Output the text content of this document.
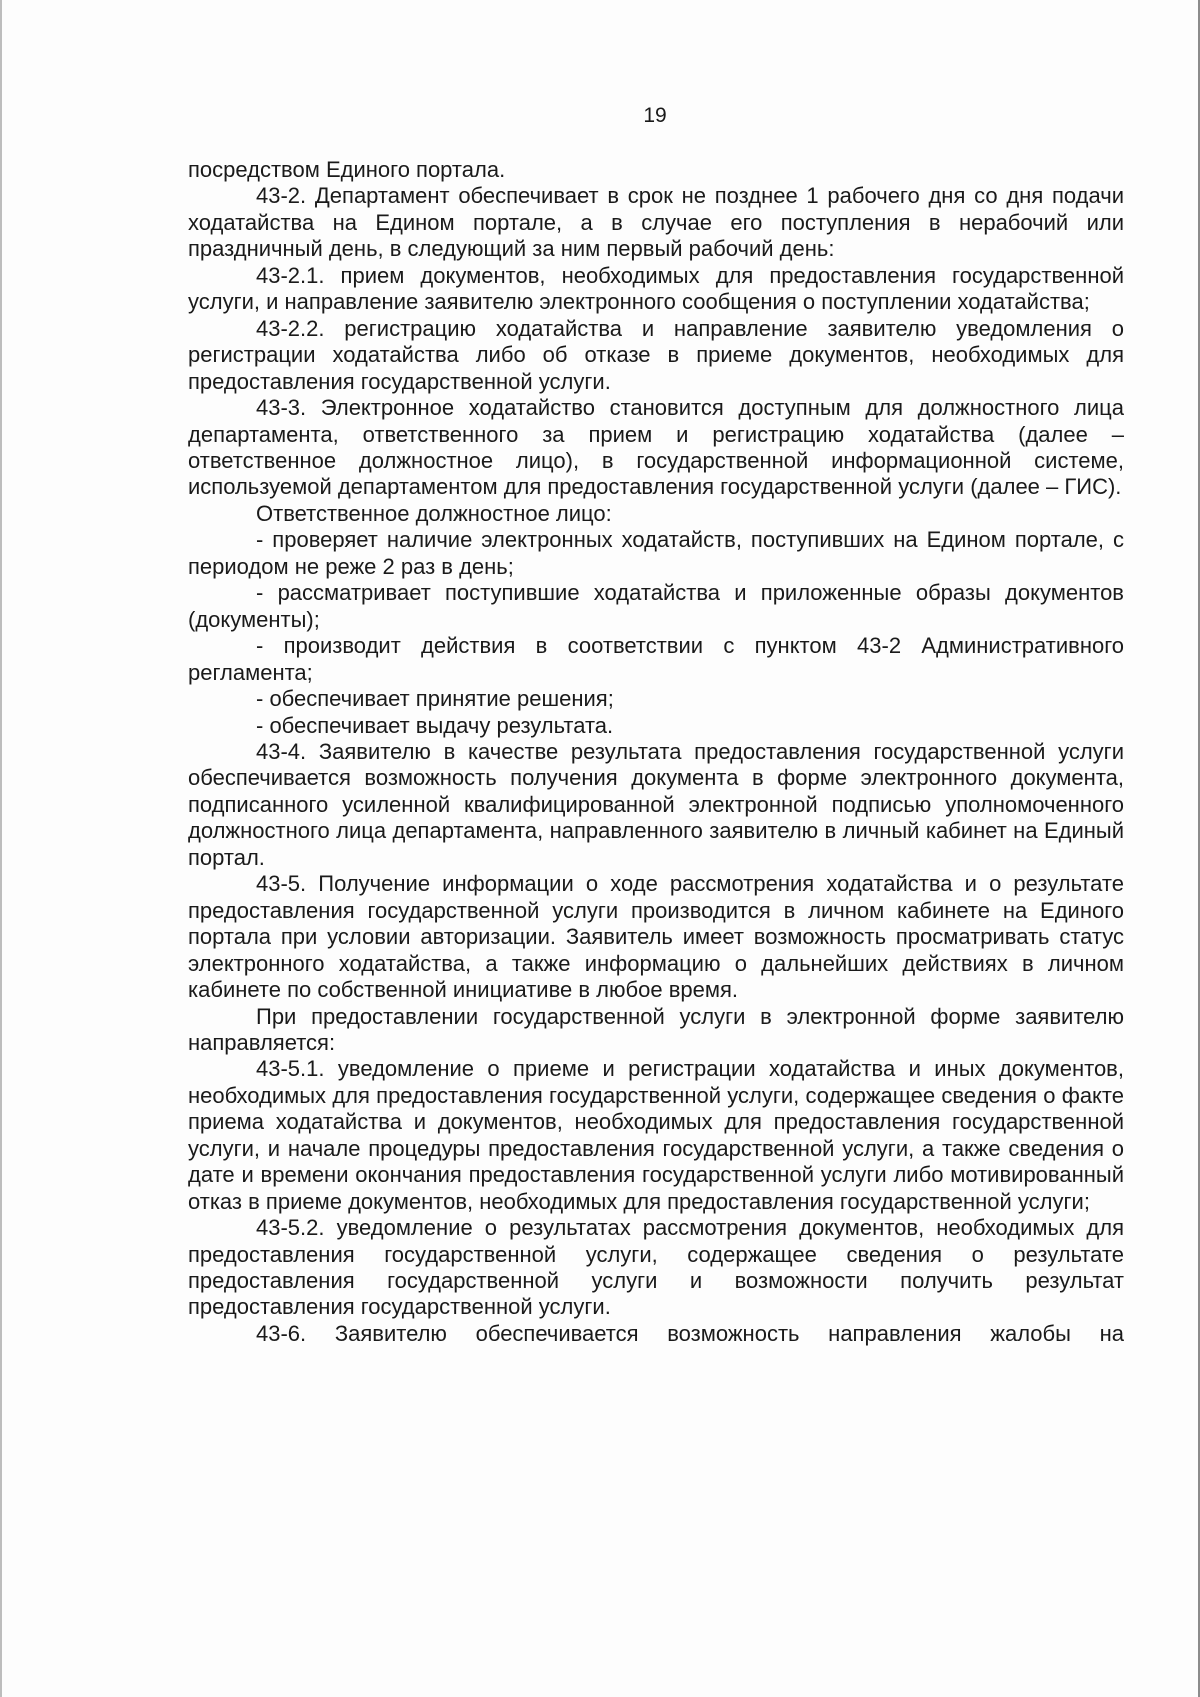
19

посредством Единого портала.

43-2. Департамент обеспечивает в срок не позднее 1 рабочего дня со дня подачи ходатайства на Едином портале, а в случае его поступления в нерабочий или праздничный день, в следующий за ним первый рабочий день:

43-2.1. прием документов, необходимых для предоставления государственной услуги, и направление заявителю электронного сообщения о поступлении ходатайства;

43-2.2. регистрацию ходатайства и направление заявителю уведомления о регистрации ходатайства либо об отказе в приеме документов, необходимых для предоставления государственной услуги.

43-3. Электронное ходатайство становится доступным для должностного лица департамента, ответственного за прием и регистрацию ходатайства (далее – ответственное должностное лицо), в государственной информационной системе, используемой департаментом для предоставления государственной услуги (далее – ГИС).

Ответственное должностное лицо:

- проверяет наличие электронных ходатайств, поступивших на Едином портале, с периодом не реже 2 раз в день;

- рассматривает поступившие ходатайства и приложенные образы документов (документы);

- производит действия в соответствии с пунктом 43-2 Административного регламента;

- обеспечивает принятие решения;

- обеспечивает выдачу результата.

43-4. Заявителю в качестве результата предоставления государственной услуги обеспечивается возможность получения документа в форме электронного документа, подписанного усиленной квалифицированной электронной подписью уполномоченного должностного лица департамента, направленного заявителю в личный кабинет на Единый портал.

43-5. Получение информации о ходе рассмотрения ходатайства и о результате предоставления государственной услуги производится в личном кабинете на Единого портала при условии авторизации. Заявитель имеет возможность просматривать статус электронного ходатайства, а также информацию о дальнейших действиях в личном кабинете по собственной инициативе в любое время.

При предоставлении государственной услуги в электронной форме заявителю направляется:

43-5.1. уведомление о приеме и регистрации ходатайства и иных документов, необходимых для предоставления государственной услуги, содержащее сведения о факте приема ходатайства и документов, необходимых для предоставления государственной услуги, и начале процедуры предоставления государственной услуги, а также сведения о дате и времени окончания предоставления государственной услуги либо мотивированный отказ в приеме документов, необходимых для предоставления государственной услуги;

43-5.2. уведомление о результатах рассмотрения документов, необходимых для предоставления государственной услуги, содержащее сведения о результате предоставления государственной услуги и возможности получить результат предоставления государственной услуги.

43-6. Заявителю обеспечивается возможность направления жалобы на
